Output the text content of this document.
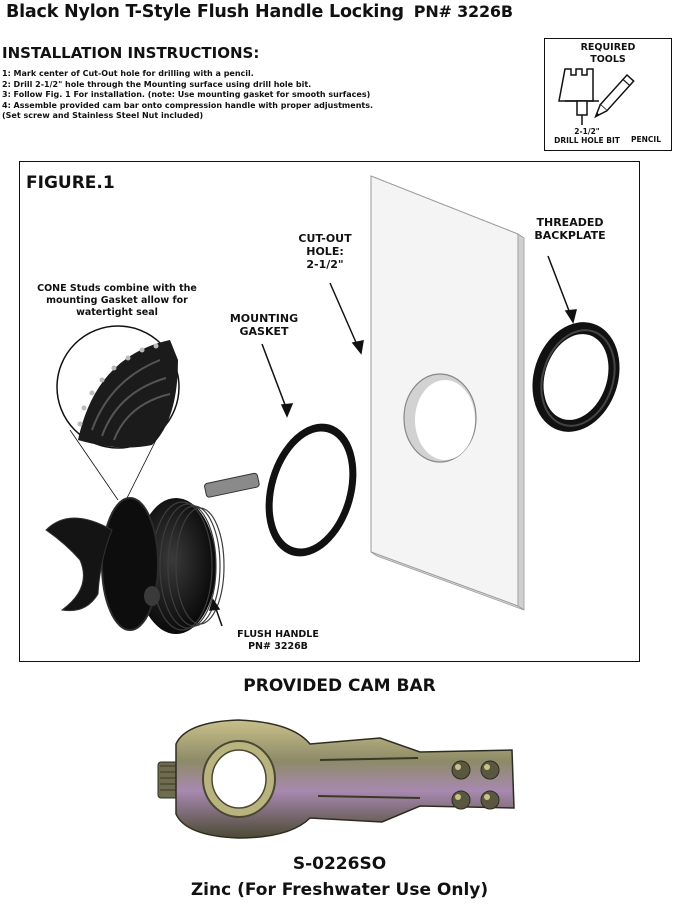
Black Nylon T-Style Flush Handle Locking PN# 3226B
INSTALLATION INSTRUCTIONS:
1: Mark center of Cut-Out hole for drilling with a pencil.
2: Drill 2-1/2" hole through the Mounting surface using drill hole bit.
3: Follow Fig. 1 For installation. (note: Use mounting gasket for smooth surfaces)
4: Assemble provided cam bar onto compression handle with proper adjustments.
(Set screw and Stainless Steel Nut included)
REQUIRED
TOOLS
2-1/2"
DRILL HOLE BIT	PENCIL
FIGURE.1
CONE Studs combine with the
mounting Gasket allow for
watertight seal	MOUNTING
GASKET
CUT-OUT
HOLE:
2-1/2"
THREADED
BACKPLATE
FLUSH HANDLE
PN# 3226B
PROVIDED CAM BAR
S-0226SO
Zinc (For Freshwater Use Only)
